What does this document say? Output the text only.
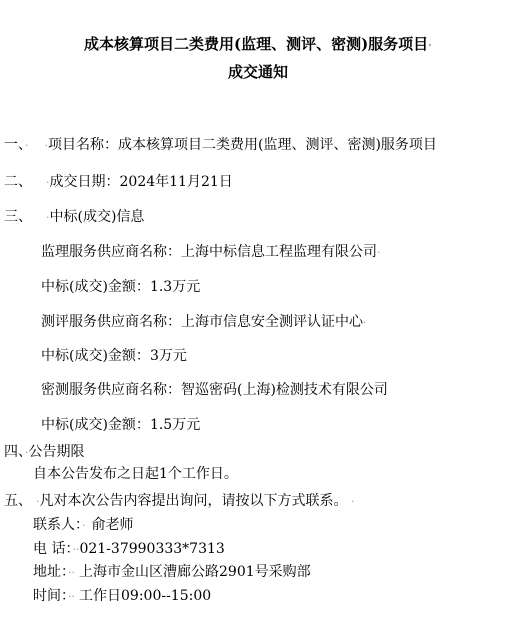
成本核算项目二类费用(监理、测评、密测)服务项目·
成交通知
一、· ·项目名称：成本核算项目二类费用(监理、测评、密测)服务项目
二、 ·成交日期：2024年11月21日
三、 ·中标(成交)信息
监理服务供应商名称：上海中标信息工程监理有限公司·
中标(成交)金额：1.3万元
测评服务供应商名称：上海市信息安全测评认证中心·
中标(成交)金额：3万元
密测服务供应商名称：智巡密码(上海)检测技术有限公司
中标(成交)金额：1.5万元
四、·公告期限
自本公告发布之日起1个工作日。
五、 ·凡对本次公告内容提出询问，请按以下方式联系。 ·
联系人：· 俞老师
电 话：··021-37990333*7313
地址：·· 上海市金山区漕廊公路2901号采购部
时间：·· 工作日09:00--15:00
